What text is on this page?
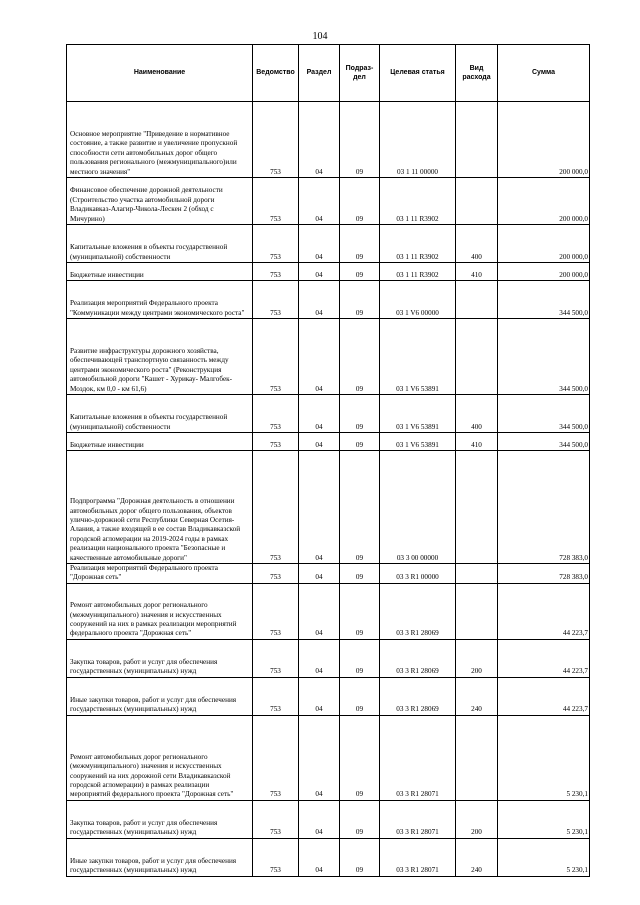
104
Наименование	Ведомство	Раздел	Подраз-
дел	Целевая статья	Вид
расхода	Сумма
Основное мероприятие "Приведение в нормативное состояние, а также развитие и увеличение пропускной способности сети автомобильных дорог общего пользования регионального (межмуниципального)или местного значения"	753	04	09	03 1 11 00000		200 000,0
Финансовое обеспечение дорожной деятельности (Строительство участка автомобильной дороги Владикавказ-Алагир-Чикола-Лескен 2 (обход с Мичурино)	753	04	09	03 1 11 R3902		200 000,0
Капитальные вложения в объекты государственной (муниципальной) собственности	753	04	09	03 1 11 R3902	400	200 000,0
Бюджетные инвестиции	753	04	09	03 1 11 R3902	410	200 000,0
Реализация мероприятий Федерального проекта "Коммуникации между центрами экономического роста"	753	04	09	03 1 V6 00000		344 500,0
Развитие инфраструктуры дорожного хозяйства, обеспечивающей транспортную связанность между центрами экономического роста" (Реконструкция автомобильной дороги "Кашет - Хурикау- Малгобек-Моздок, км 0,0 - км 61,6)	753	04	09	03 1 V6 53891		344 500,0
Капитальные вложения в объекты государственной (муниципальной) собственности	753	04	09	03 1 V6 53891	400	344 500,0
Бюджетные инвестиции	753	04	09	03 1 V6 53891	410	344 500,0
Подпрограмма "Дорожная деятельность в отношении автомобильных дорог общего пользования, объектов улично-дорожной сети Республики Северная Осетия-Алания, а также входящей в ее состав Владикавказской городской агломерации на 2019-2024 годы в рамках реализации национального проекта "Безопасные и качественные автомобильные дороги"	753	04	09	03 3 00 00000		728 383,0
Реализация мероприятий Федерального проекта "Дорожная сеть"	753	04	09	03 3 R1 00000		728 383,0
Ремонт автомобильных дорог регионального (межмуниципального) значения и искусственных сооружений на них в рамках реализации мероприятий федерального проекта "Дорожная сеть"	753	04	09	03 3 R1 28069		44 223,7
Закупка товаров, работ и услуг для обеспечения государственных (муниципальных) нужд	753	04	09	03 3 R1 28069	200	44 223,7
Иные закупки товаров, работ и услуг для обеспечения государственных (муниципальных) нужд	753	04	09	03 3 R1 28069	240	44 223,7
Ремонт автомобильных дорог регионального (межмуниципального) значения и искусственных сооружений на них дорожной сети Владикавказской городской агломерации) в рамках реализации мероприятий федерального проекта "Дорожная сеть"	753	04	09	03 3 R1 28071		5 230,1
Закупка товаров, работ и услуг для обеспечения государственных (муниципальных) нужд	753	04	09	03 3 R1 28071	200	5 230,1
Иные закупки товаров, работ и услуг для обеспечения государственных (муниципальных) нужд	753	04	09	03 3 R1 28071	240	5 230,1
